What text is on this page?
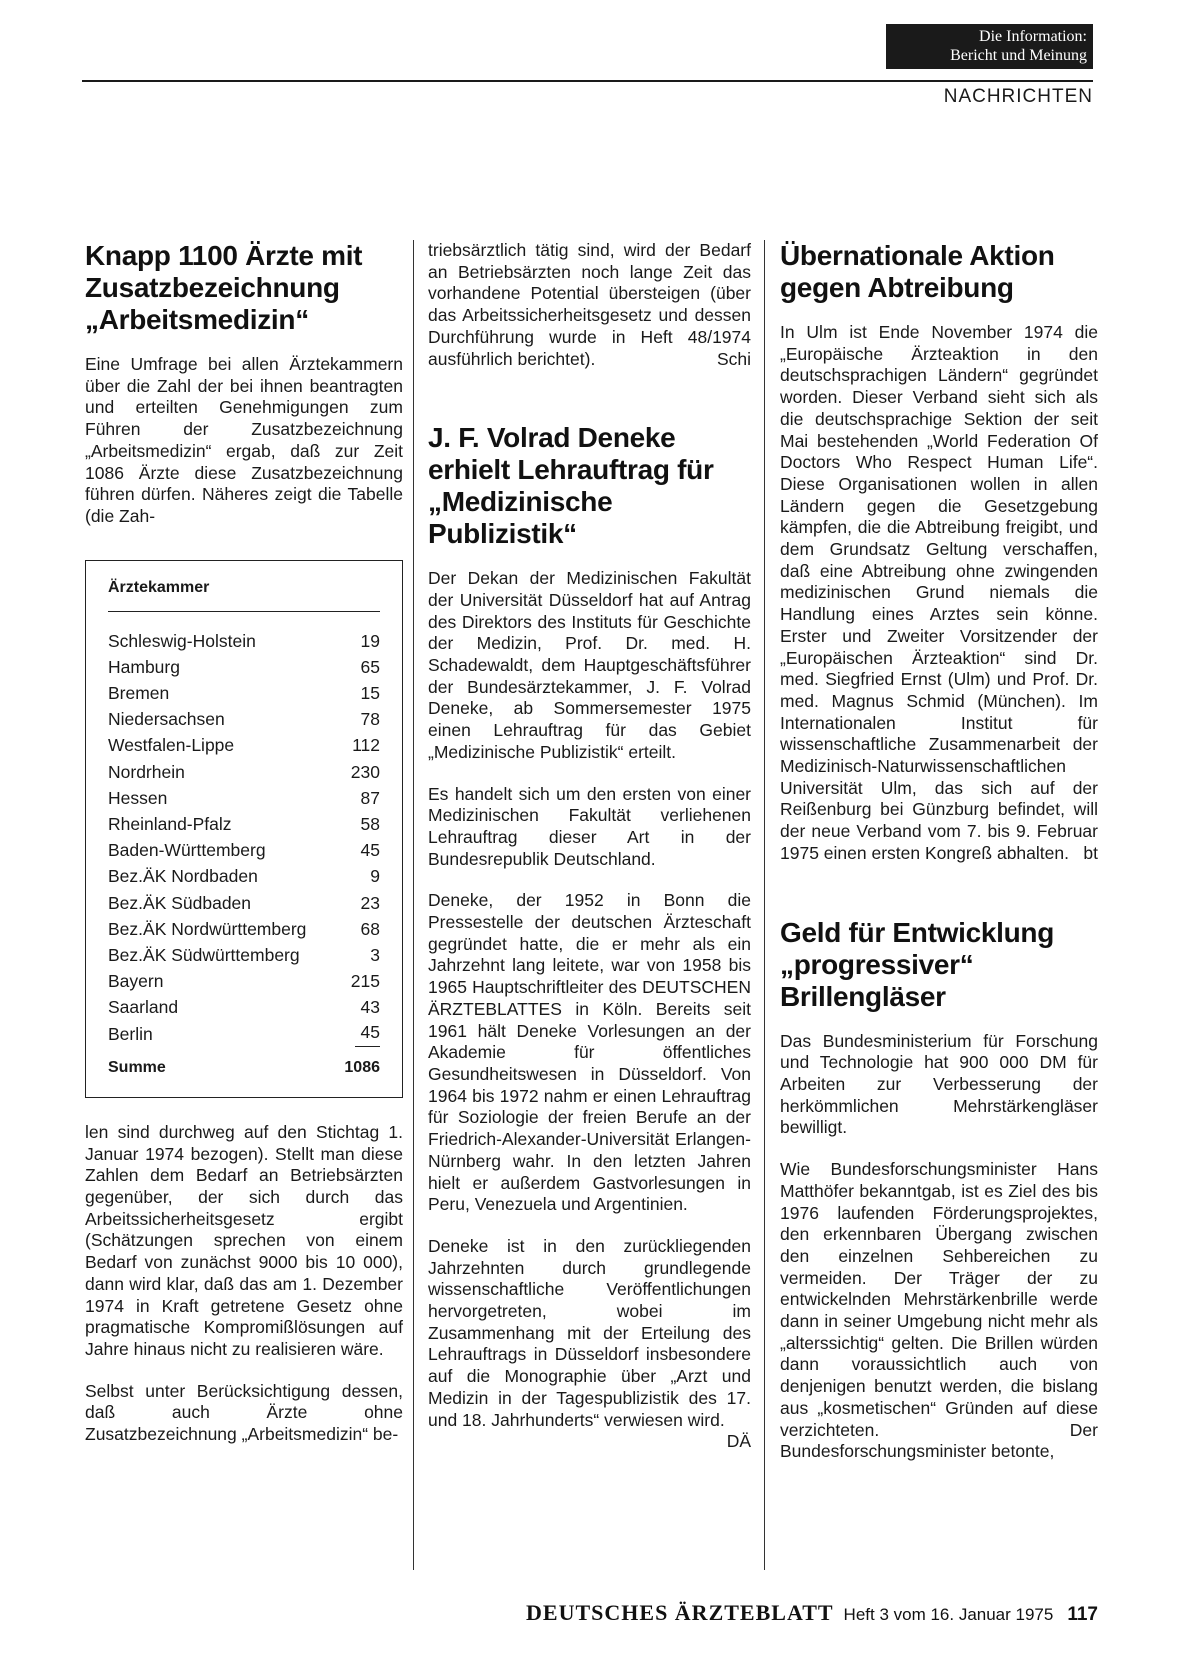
Die Information:
Bericht und Meinung
NACHRICHTEN
Knapp 1100 Ärzte mit Zusatzbezeichnung „Arbeitsmedizin“

Eine Umfrage bei allen Ärztekammern über die Zahl der bei ihnen beantragten und erteilten Genehmigungen zum Führen der Zusatzbezeichnung „Arbeitsmedizin“ ergab, daß zur Zeit 1086 Ärzte diese Zusatzbezeichnung führen dürfen. Näheres zeigt die Tabelle (die Zah-

Ärztekammer
Schleswig-Holstein	19
Hamburg	65
Bremen	15
Niedersachsen	78
Westfalen-Lippe	112
Nordrhein	230
Hessen	87
Rheinland-Pfalz	58
Baden-Württemberg	45
Bez.ÄK Nordbaden	9
Bez.ÄK Südbaden	23
Bez.ÄK Nordwürttemberg	68
Bez.ÄK Südwürttemberg	3
Bayern	215
Saarland	43
Berlin	45
Summe	1086

len sind durchweg auf den Stichtag 1. Januar 1974 bezogen). Stellt man diese Zahlen dem Bedarf an Betriebsärzten gegenüber, der sich durch das Arbeitssicherheitsgesetz ergibt (Schätzungen sprechen von einem Bedarf von zunächst 9000 bis 10 000), dann wird klar, daß das am 1. Dezember 1974 in Kraft getretene Gesetz ohne pragmatische Kompromißlösungen auf Jahre hinaus nicht zu realisieren wäre.

Selbst unter Berücksichtigung dessen, daß auch Ärzte ohne Zusatzbezeichnung „Arbeitsmedizin“ be-

triebsärztlich tätig sind, wird der Bedarf an Betriebsärzten noch lange Zeit das vorhandene Potential übersteigen (über das Arbeitssicherheitsgesetz und dessen Durchführung wurde in Heft 48/1974 ausführlich berichtet).	Schi

J. F. Volrad Deneke erhielt Lehrauftrag für „Medizinische Publizistik“

Der Dekan der Medizinischen Fakultät der Universität Düsseldorf hat auf Antrag des Direktors des Instituts für Geschichte der Medizin, Prof. Dr. med. H. Schadewaldt, dem Hauptgeschäftsführer der Bundesärztekammer, J. F. Volrad Deneke, ab Sommersemester 1975 einen Lehrauftrag für das Gebiet „Medizinische Publizistik“ erteilt.

Es handelt sich um den ersten von einer Medizinischen Fakultät verliehenen Lehrauftrag dieser Art in der Bundesrepublik Deutschland.

Deneke, der 1952 in Bonn die Pressestelle der deutschen Ärzteschaft gegründet hatte, die er mehr als ein Jahrzehnt lang leitete, war von 1958 bis 1965 Hauptschriftleiter des DEUTSCHEN ÄRZTEBLATTES in Köln. Bereits seit 1961 hält Deneke Vorlesungen an der Akademie für öffentliches Gesundheitswesen in Düsseldorf. Von 1964 bis 1972 nahm er einen Lehrauftrag für Soziologie der freien Berufe an der Friedrich-Alexander-Universität Erlangen-Nürnberg wahr. In den letzten Jahren hielt er außerdem Gastvorlesungen in Peru, Venezuela und Argentinien.

Deneke ist in den zurückliegenden Jahrzehnten durch grundlegende wissenschaftliche Veröffentlichungen hervorgetreten, wobei im Zusammenhang mit der Erteilung des Lehrauftrags in Düsseldorf insbesondere auf die Monographie über „Arzt und Medizin in der Tagespublizistik des 17. und 18. Jahrhunderts“ verwiesen wird.
DÄ

Übernationale Aktion gegen Abtreibung

In Ulm ist Ende November 1974 die „Europäische Ärzteaktion in den deutschsprachigen Ländern“ gegründet worden. Dieser Verband sieht sich als die deutschsprachige Sektion der seit Mai bestehenden „World Federation Of Doctors Who Respect Human Life“. Diese Organisationen wollen in allen Ländern gegen die Gesetzgebung kämpfen, die die Abtreibung freigibt, und dem Grundsatz Geltung verschaffen, daß eine Abtreibung ohne zwingenden medizinischen Grund niemals die Handlung eines Arztes sein könne. Erster und Zweiter Vorsitzender der „Europäischen Ärzteaktion“ sind Dr. med. Siegfried Ernst (Ulm) und Prof. Dr. med. Magnus Schmid (München). Im Internationalen Institut für wissenschaftliche Zusammenarbeit der Medizinisch-Naturwissenschaftlichen Universität Ulm, das sich auf der Reißenburg bei Günzburg befindet, will der neue Verband vom 7. bis 9. Februar 1975 einen ersten Kongreß abhalten. bt

Geld für Entwicklung „progressiver“ Brillengläser

Das Bundesministerium für Forschung und Technologie hat 900 000 DM für Arbeiten zur Verbesserung der herkömmlichen Mehrstärkengläser bewilligt.

Wie Bundesforschungsminister Hans Matthöfer bekanntgab, ist es Ziel des bis 1976 laufenden Förderungsprojektes, den erkennbaren Übergang zwischen den einzelnen Sehbereichen zu vermeiden. Der Träger der zu entwickelnden Mehrstärkenbrille werde dann in seiner Umgebung nicht mehr als „alterssichtig“ gelten. Die Brillen würden dann voraussichtlich auch von denjenigen benutzt werden, die bislang aus „kosmetischen“ Gründen auf diese verzichteten. Der Bundesforschungsminister betonte,

DEUTSCHES ÄRZTEBLATT Heft 3 vom 16. Januar 1975 117
